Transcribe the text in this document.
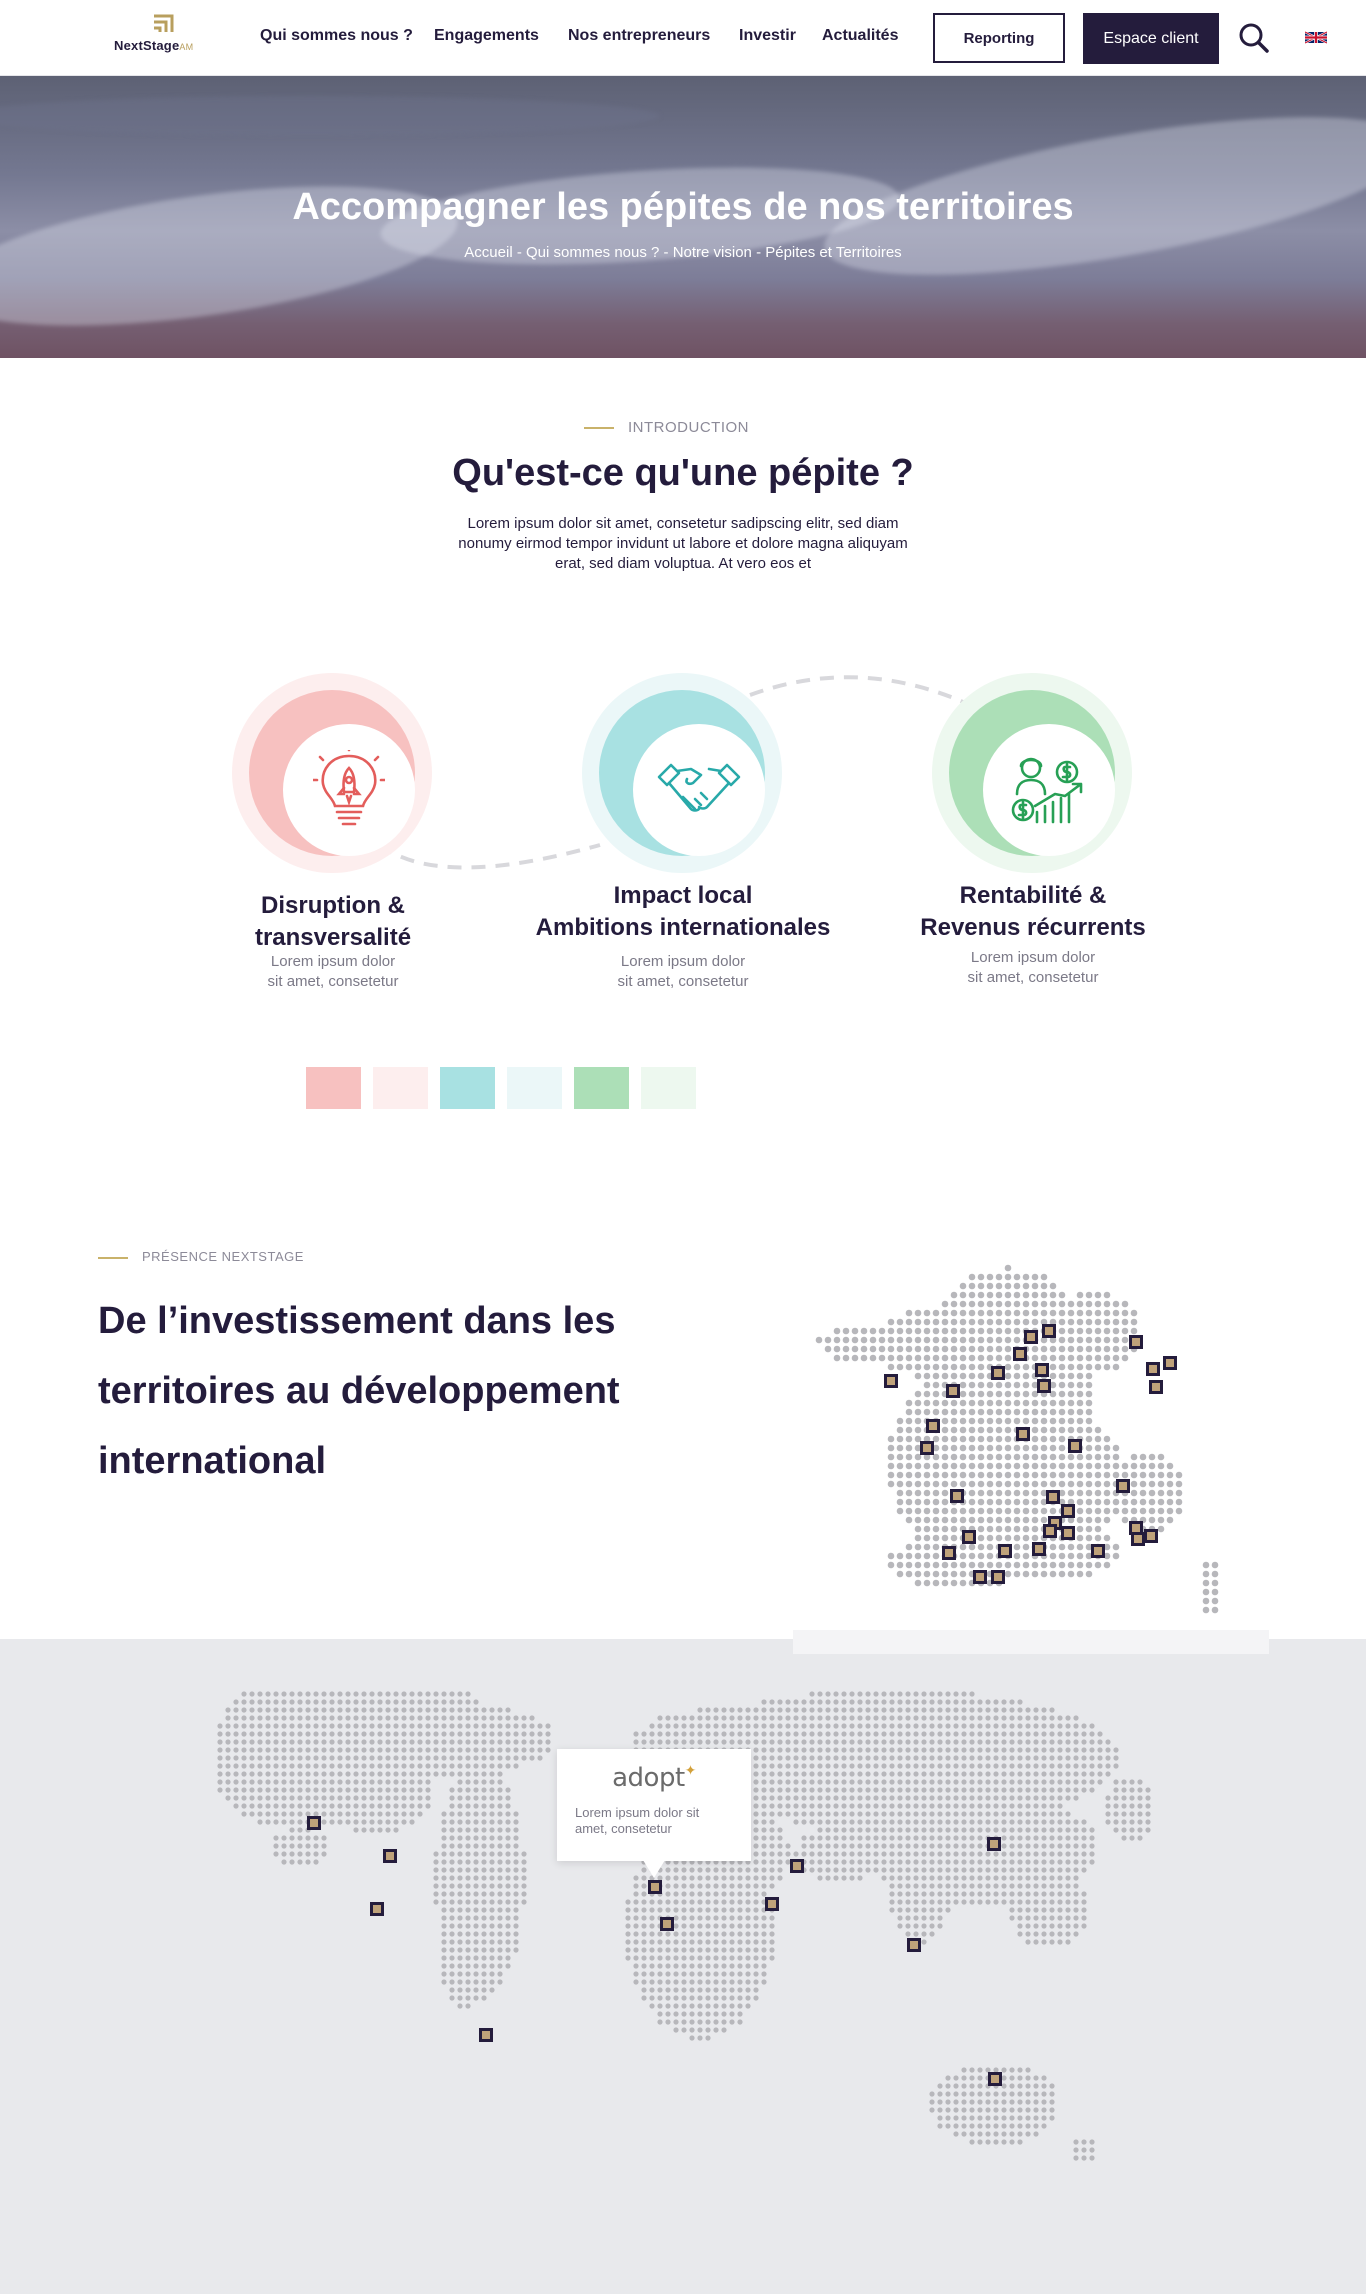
NextStageAM
Qui sommes nous ? Engagements Nos entrepreneurs Investir Actualités	Reporting	Espace client
Accompagner les pépites de nos territoires
Accueil - Qui sommes nous ? - Notre vision - Pépites et Territoires
INTRODUCTION
Qu'est-ce qu'une pépite ?
Lorem ipsum dolor sit amet, consetetur sadipscing elitr, sed diam nonumy eirmod tempor invidunt ut labore et dolore magna aliquyam erat, sed diam voluptua. At vero eos et
Disruption &
transversalité
Lorem ipsum dolor sit amet, consetetur
Impact local
Ambitions internationales
Lorem ipsum dolor sit amet, consetetur
Rentabilité &
Revenus récurrents
Lorem ipsum dolor sit amet, consetetur
PRÉSENCE NEXTSTAGE
De l’investissement dans les territoires au développement international
adopt✦
Lorem ipsum dolor sit amet, consetetur
